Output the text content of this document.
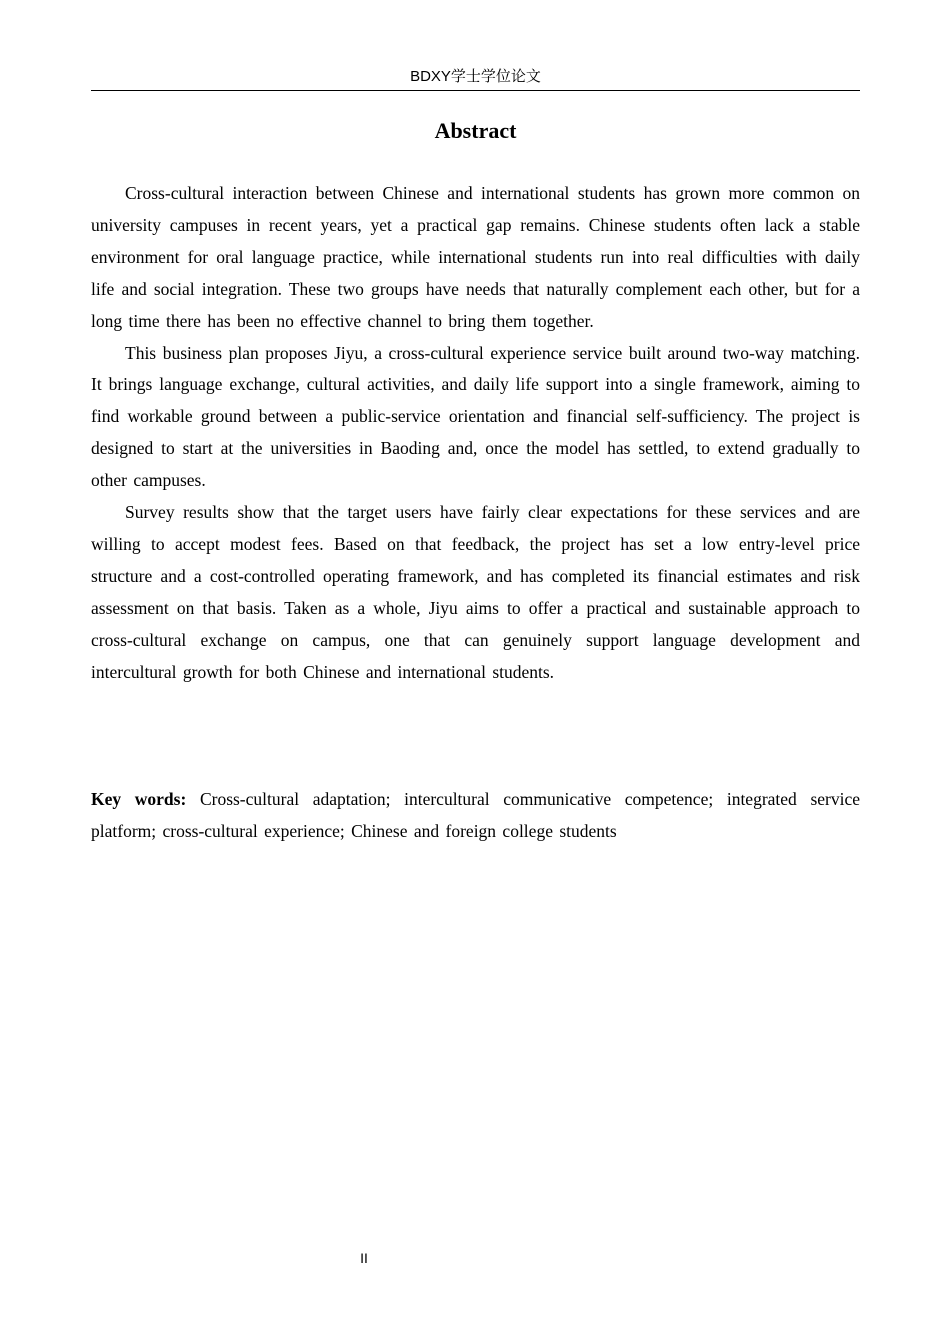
BDXY学士学位论文
Abstract

Cross-cultural interaction between Chinese and international students has grown more common on university campuses in recent years, yet a practical gap remains. Chinese students often lack a stable environment for oral language practice, while international students run into real difficulties with daily life and social integration. These two groups have needs that naturally complement each other, but for a long time there has been no effective channel to bring them together.

This business plan proposes Jiyu, a cross-cultural experience service built around two-way matching. It brings language exchange, cultural activities, and daily life support into a single framework, aiming to find workable ground between a public-service orientation and financial self-sufficiency. The project is designed to start at the universities in Baoding and, once the model has settled, to extend gradually to other campuses.

Survey results show that the target users have fairly clear expectations for these services and are willing to accept modest fees. Based on that feedback, the project has set a low entry-level price structure and a cost-controlled operating framework, and has completed its financial estimates and risk assessment on that basis. Taken as a whole, Jiyu aims to offer a practical and sustainable approach to cross-cultural exchange on campus, one that can genuinely support language development and intercultural growth for both Chinese and international students.

Key words: Cross-cultural adaptation; intercultural communicative competence; integrated service platform; cross-cultural experience; Chinese and foreign college students

II
